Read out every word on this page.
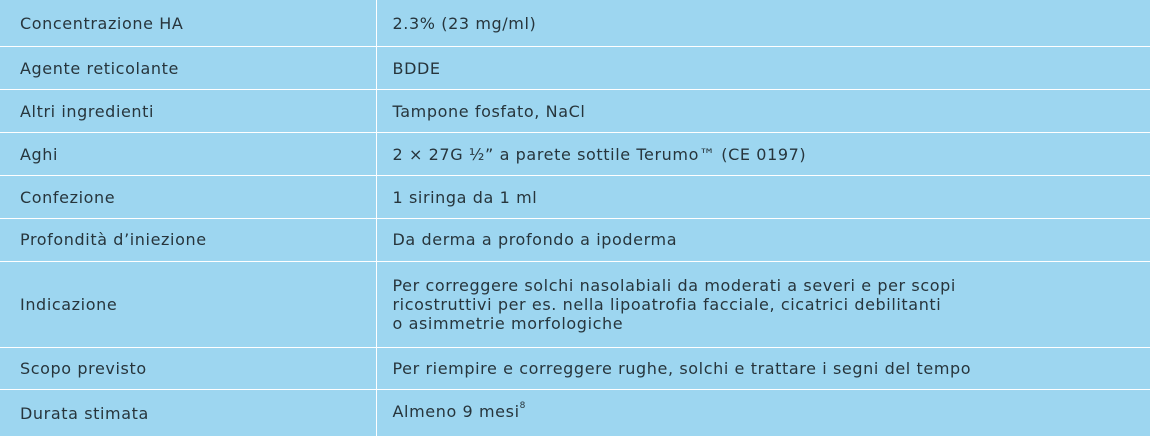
Concentrazione HA	2.3% (23 mg/ml)
Agente reticolante	BDDE
Altri ingredienti	Tampone fosfato, NaCl
Aghi	2 × 27G ½” a parete sottile Terumo™ (CE 0197)
Confezione	1 siringa da 1 ml
Profondità d’iniezione	Da derma a profondo a ipoderma
Indicazione	Per correggere solchi nasolabiali da moderati a severi e per scopi
ricostruttivi per es. nella lipoatrofia facciale, cicatrici debilitanti
o asimmetrie morfologiche

Scopo previsto	Per riempire e correggere rughe, solchi e trattare i segni del tempo
Durata stimata	Almeno 9 mesi$^8$
